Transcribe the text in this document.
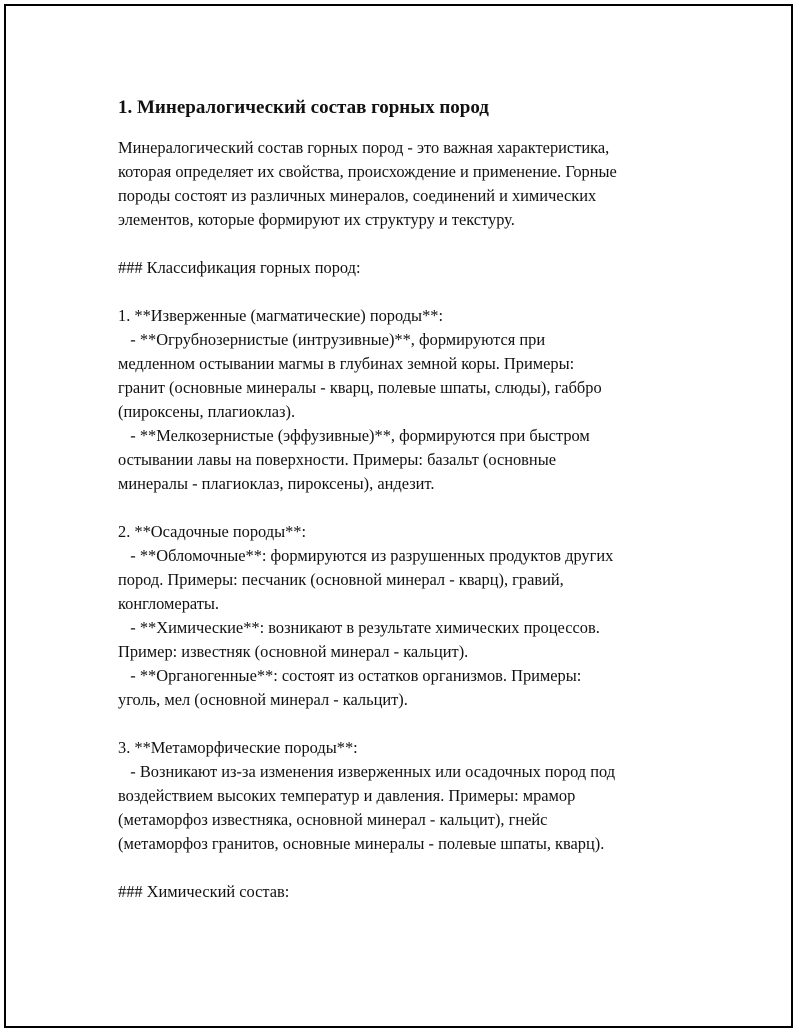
1. Минералогический состав горных пород
Минералогический состав горных пород - это важная характеристика,
которая определяет их свойства, происхождение и применение. Горные
породы состоят из различных минералов, соединений и химических
элементов, которые формируют их структуру и текстуру.
### Классификация горных пород:
1. **Изверженные (магматические) породы**:
- **Огрубнозернистые (интрузивные)**, формируются при
медленном остывании магмы в глубинах земной коры. Примеры:
гранит (основные минералы - кварц, полевые шпаты, слюды), габбро
(пироксены, плагиоклаз).
- **Мелкозернистые (эффузивные)**, формируются при быстром
остывании лавы на поверхности. Примеры: базальт (основные
минералы - плагиоклаз, пироксены), андезит.
2. **Осадочные породы**:
- **Обломочные**: формируются из разрушенных продуктов других
пород. Примеры: песчаник (основной минерал - кварц), гравий,
конгломераты.
- **Химические**: возникают в результате химических процессов.
Пример: известняк (основной минерал - кальцит).
- **Органогенные**: состоят из остатков организмов. Примеры:
уголь, мел (основной минерал - кальцит).
3. **Метаморфические породы**:
- Возникают из-за изменения изверженных или осадочных пород под
воздействием высоких температур и давления. Примеры: мрамор
(метаморфоз известняка, основной минерал - кальцит), гнейс
(метаморфоз гранитов, основные минералы - полевые шпаты, кварц).
### Химический состав:
